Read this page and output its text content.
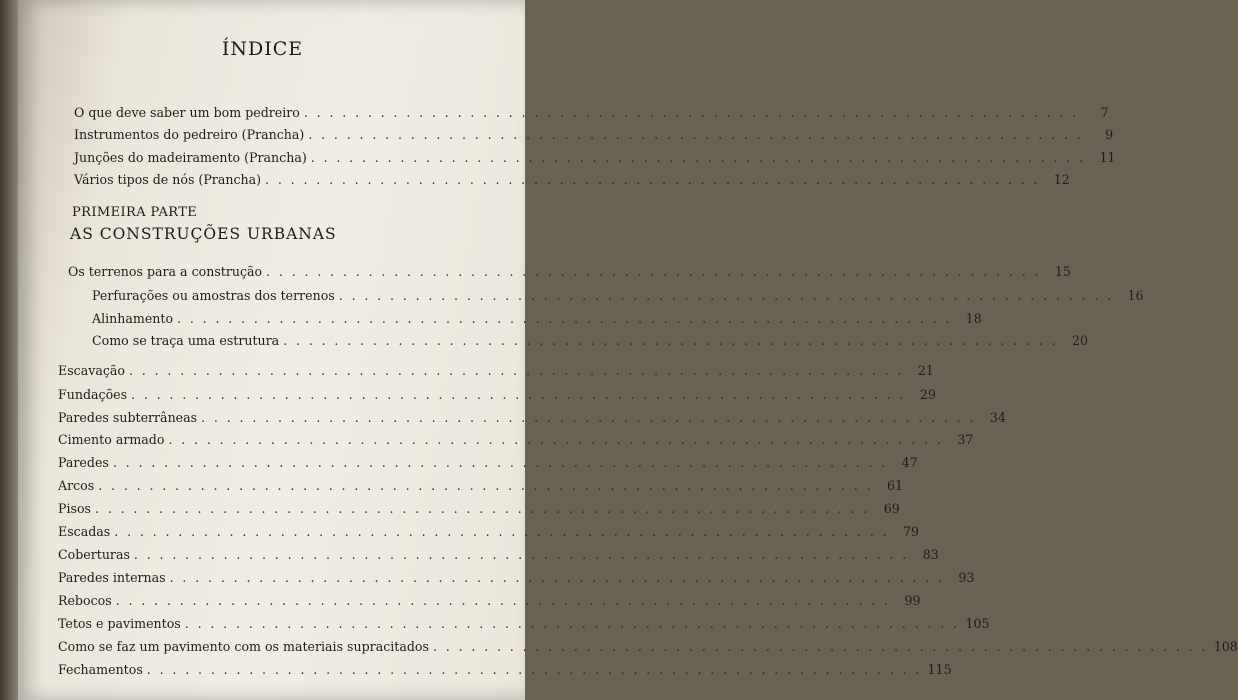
ÍNDICE
O que deve saber um bom pedreiro . . . . . . . . . . . . . . . . . . . . . . . . . . . . . . . . . . . . . . . . . . . . . . . . . . . . . . . . . . . . .	7
Instrumentos do pedreiro (Prancha) . . . . . . . . . . . . . . . . . . . . . . . . . . . . . . . . . . . . . . . . . . . . . . . . . . . . . . . . . . . . .	9
Junções do madeiramento (Prancha) . . . . . . . . . . . . . . . . . . . . . . . . . . . . . . . . . . . . . . . . . . . . . . . . . . . . . . . . . . . . .	11
Vários tipos de nós (Prancha) . . . . . . . . . . . . . . . . . . . . . . . . . . . . . . . . . . . . . . . . . . . . . . . . . . . . . . . . . . . . .	12
PRIMEIRA PARTE
AS CONSTRUÇÕES URBANAS
Os terrenos para a construção . . . . . . . . . . . . . . . . . . . . . . . . . . . . . . . . . . . . . . . . . . . . . . . . . . . . . . . . . . . . .	15
Perfurações ou amostras dos terrenos . . . . . . . . . . . . . . . . . . . . . . . . . . . . . . . . . . . . . . . . . . . . . . . . . . . . . . . . . . . . .	16
Alinhamento . . . . . . . . . . . . . . . . . . . . . . . . . . . . . . . . . . . . . . . . . . . . . . . . . . . . . . . . . . . . .	18
Como se traça uma estrutura . . . . . . . . . . . . . . . . . . . . . . . . . . . . . . . . . . . . . . . . . . . . . . . . . . . . . . . . . . . . .	20
Escavação . . . . . . . . . . . . . . . . . . . . . . . . . . . . . . . . . . . . . . . . . . . . . . . . . . . . . . . . . . . . .	21
Fundações . . . . . . . . . . . . . . . . . . . . . . . . . . . . . . . . . . . . . . . . . . . . . . . . . . . . . . . . . . . . .	29
Paredes subterrâneas . . . . . . . . . . . . . . . . . . . . . . . . . . . . . . . . . . . . . . . . . . . . . . . . . . . . . . . . . . . . .	34
Cimento armado . . . . . . . . . . . . . . . . . . . . . . . . . . . . . . . . . . . . . . . . . . . . . . . . . . . . . . . . . . . . .	37
Paredes . . . . . . . . . . . . . . . . . . . . . . . . . . . . . . . . . . . . . . . . . . . . . . . . . . . . . . . . . . . . .	47
Arcos . . . . . . . . . . . . . . . . . . . . . . . . . . . . . . . . . . . . . . . . . . . . . . . . . . . . . . . . . . . . .	61
Pisos . . . . . . . . . . . . . . . . . . . . . . . . . . . . . . . . . . . . . . . . . . . . . . . . . . . . . . . . . . . . .	69
Escadas . . . . . . . . . . . . . . . . . . . . . . . . . . . . . . . . . . . . . . . . . . . . . . . . . . . . . . . . . . . . .	79
Coberturas . . . . . . . . . . . . . . . . . . . . . . . . . . . . . . . . . . . . . . . . . . . . . . . . . . . . . . . . . . . . .	83
Paredes internas . . . . . . . . . . . . . . . . . . . . . . . . . . . . . . . . . . . . . . . . . . . . . . . . . . . . . . . . . . . . .	93
Rebocos . . . . . . . . . . . . . . . . . . . . . . . . . . . . . . . . . . . . . . . . . . . . . . . . . . . . . . . . . . . . .	99
Tetos e pavimentos . . . . . . . . . . . . . . . . . . . . . . . . . . . . . . . . . . . . . . . . . . . . . . . . . . . . . . . . . . . . . 105
Como se faz um pavimento com os materiais supracitados . . . . . . . . . . . . . . . . . . . . . . . . . . . . . . . . . . . . . . . . . . . . . . . . . . . . . . . . . . . . . 108
Fechamentos . . . . . . . . . . . . . . . . . . . . . . . . . . . . . . . . . . . . . . . . . . . . . . . . . . . . . . . . . . . . . 115
